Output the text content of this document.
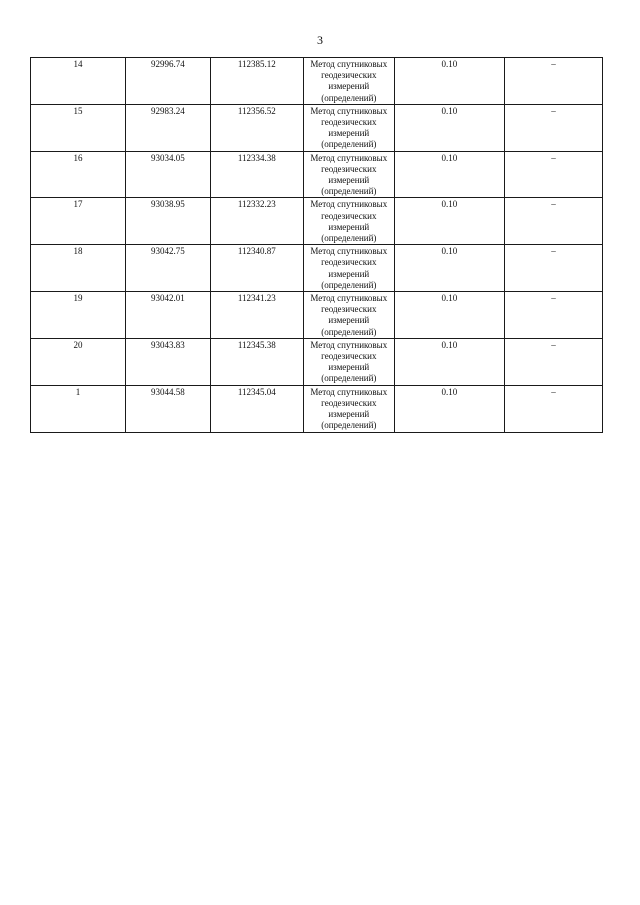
3
14	92996.74	112385.12	Метод спутниковых геодезических измерений (определений)	0.10	–
15	92983.24	112356.52	Метод спутниковых геодезических измерений (определений)	0.10	–
16	93034.05	112334.38	Метод спутниковых геодезических измерений (определений)	0.10	–
17	93038.95	112332.23	Метод спутниковых геодезических измерений (определений)	0.10	–
18	93042.75	112340.87	Метод спутниковых геодезических измерений (определений)	0.10	–
19	93042.01	112341.23	Метод спутниковых геодезических измерений (определений)	0.10	–
20	93043.83	112345.38	Метод спутниковых геодезических измерений (определений)	0.10	–
1	93044.58	112345.04	Метод спутниковых геодезических измерений (определений)	0.10	–
